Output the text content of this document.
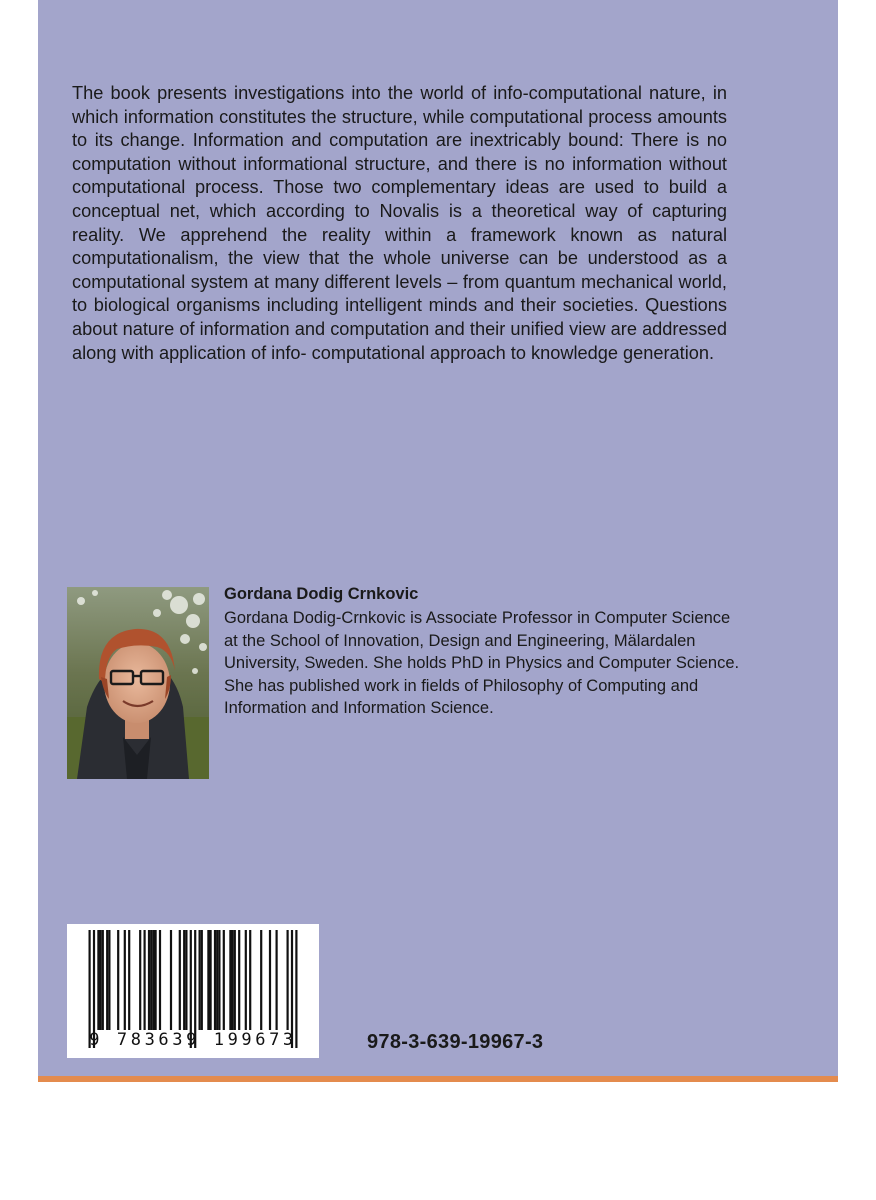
The book presents investigations into the world of info-computational nature, in which information constitutes the structure, while computational process amounts to its change. Information and computation are inextricably bound: There is no computation without informational structure, and there is no information without computational process. Those two complementary ideas are used to build a conceptual net, which according to Novalis is a theoretical way of capturing reality. We apprehend the reality within a framework known as natural computationalism, the view that the whole universe can be understood as a computational system at many different levels – from quantum mechanical world, to biological organisms including intelligent minds and their societies. Questions about nature of information and computation and their unified view are addressed along with application of info- computational approach to knowledge generation.

Gordana Dodig Crnkovic

Gordana Dodig-Crnkovic is Associate Professor in Computer Science at the School of Innovation, Design and Engineering, Mälardalen University, Sweden. She holds PhD in Physics and Computer Science. She has published work in fields of Philosophy of Computing and Information and Information Science.

9 783639 199673	978-3-639-19967-3
